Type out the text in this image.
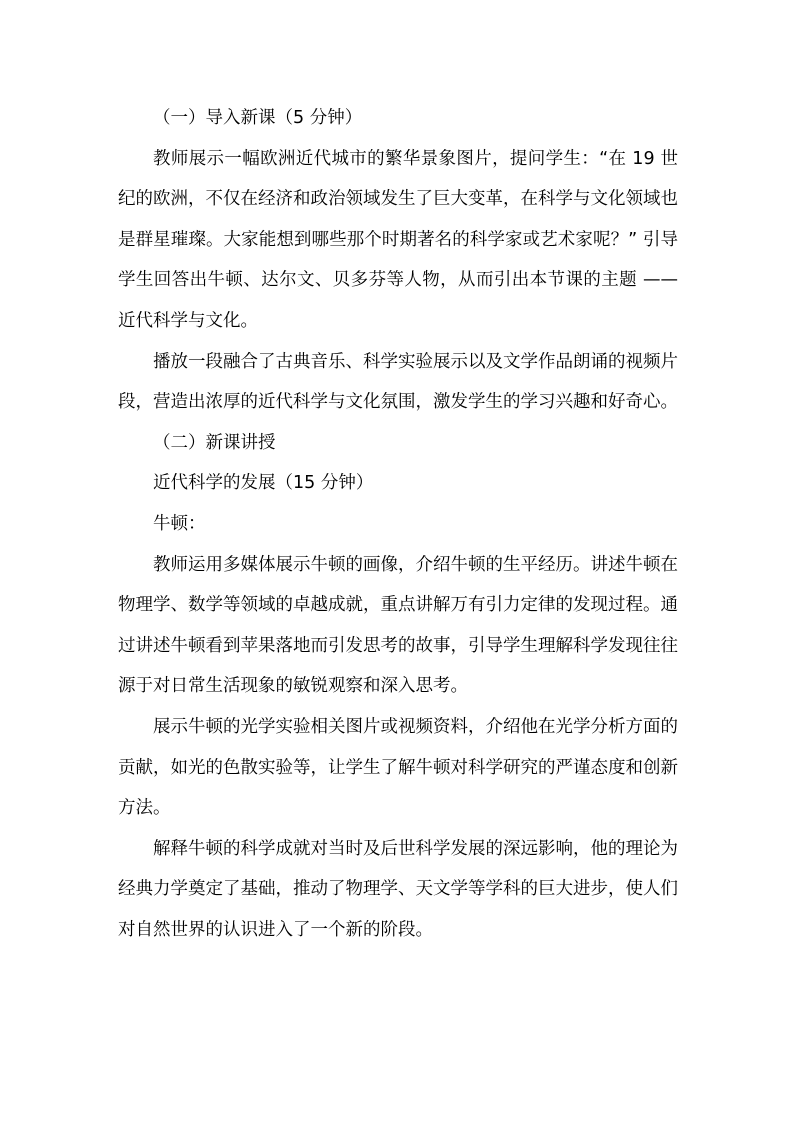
（一）导入新课（5 分钟）

教师展示一幅欧洲近代城市的繁华景象图片，提问学生：“在 19 世纪的欧洲，不仅在经济和政治领域发生了巨大变革，在科学与文化领域也是群星璀璨。大家能想到哪些那个时期著名的科学家或艺术家呢？” 引导学生回答出牛顿、达尔文、贝多芬等人物，从而引出本节课的主题 —— 近代科学与文化。

播放一段融合了古典音乐、科学实验展示以及文学作品朗诵的视频片段，营造出浓厚的近代科学与文化氛围，激发学生的学习兴趣和好奇心。

（二）新课讲授

近代科学的发展（15 分钟）

牛顿：

教师运用多媒体展示牛顿的画像，介绍牛顿的生平经历。讲述牛顿在物理学、数学等领域的卓越成就，重点讲解万有引力定律的发现过程。通过讲述牛顿看到苹果落地而引发思考的故事，引导学生理解科学发现往往源于对日常生活现象的敏锐观察和深入思考。

展示牛顿的光学实验相关图片或视频资料，介绍他在光学分析方面的贡献，如光的色散实验等，让学生了解牛顿对科学研究的严谨态度和创新方法。

解释牛顿的科学成就对当时及后世科学发展的深远影响，他的理论为经典力学奠定了基础，推动了物理学、天文学等学科的巨大进步，使人们对自然世界的认识进入了一个新的阶段。
